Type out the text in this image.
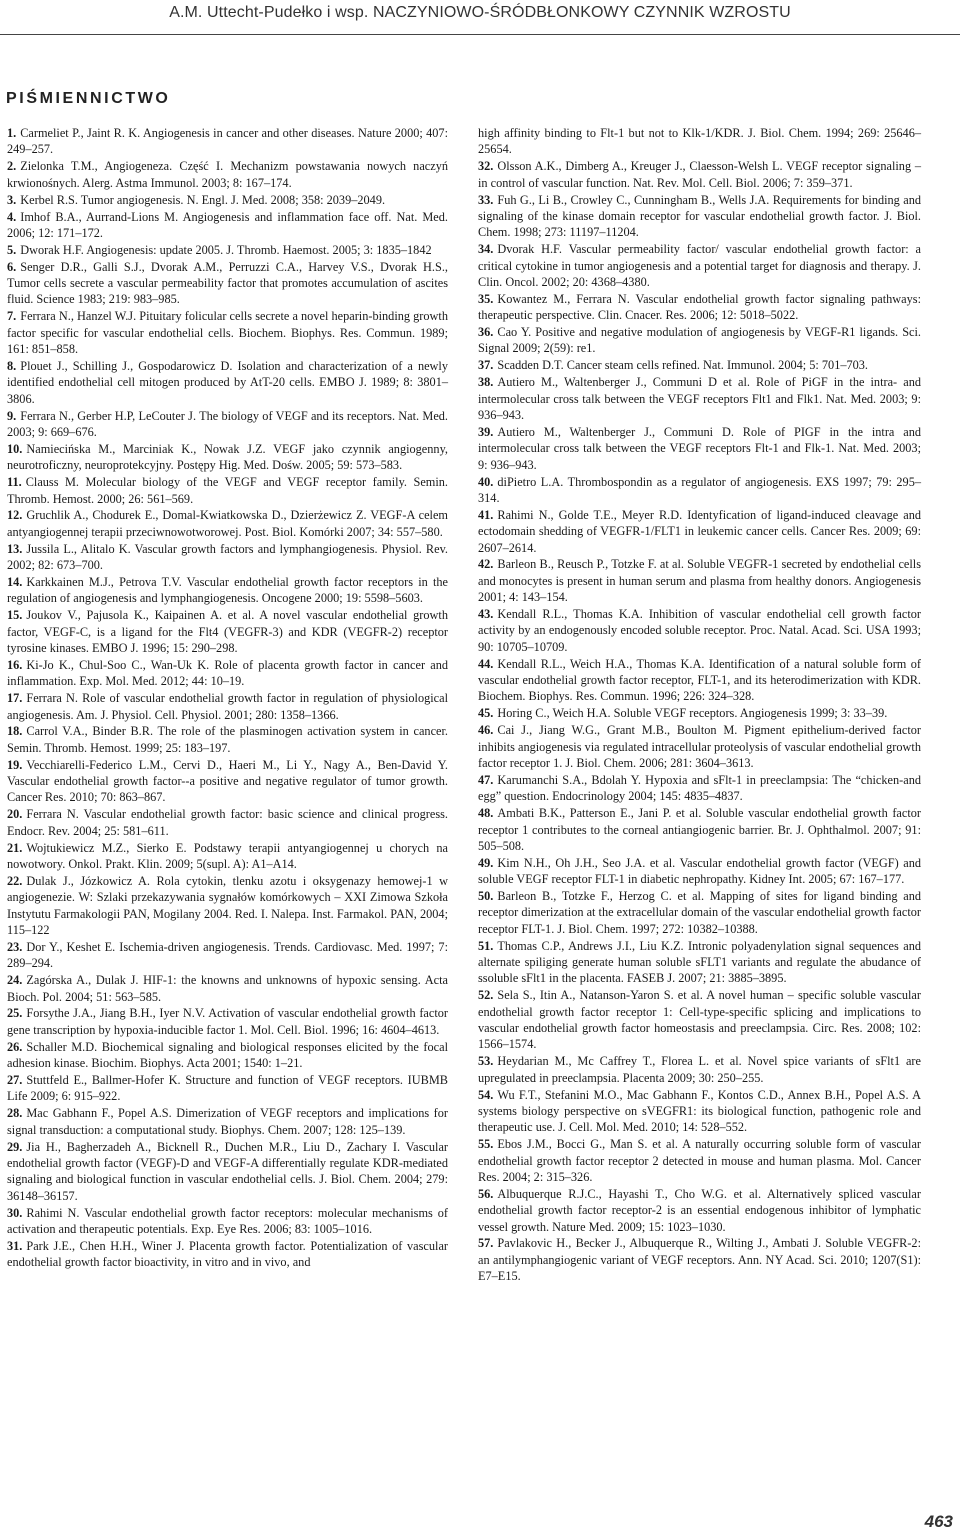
A.M. Uttecht-Pudełko i wsp. NACZYNIOWO-ŚRÓDBŁONKOWY CZYNNIK WZROSTU
PIŚMIENNICTWO
1. Carmeliet P., Jaint R. K. Angiogenesis in cancer and other diseases. Nature 2000; 407: 249–257.
2. Zielonka T.M., Angiogeneza. Część I. Mechanizm powstawania nowych naczyń krwionośnych. Alerg. Astma Immunol. 2003; 8: 167–174.
3. Kerbel R.S. Tumor angiogenesis. N. Engl. J. Med. 2008; 358: 2039–2049.
4. Imhof B.A., Aurrand-Lions M. Angiogenesis and inflammation face off. Nat. Med. 2006; 12: 171–172.
5. Dworak H.F. Angiogenesis: update 2005. J. Thromb. Haemost. 2005; 3: 1835–1842
6. Senger D.R., Galli S.J., Dvorak A.M., Perruzzi C.A., Harvey V.S., Dvorak H.S., Tumor cells secrete a vascular permeability factor that promotes accumulation of ascites fluid. Science 1983; 219: 983–985.
7. Ferrara N., Hanzel W.J. Pituitary folicular cells secrete a novel heparin-binding growth factor specific for vascular endothelial cells. Biochem. Biophys. Res. Commun. 1989; 161: 851–858.
8. Plouet J., Schilling J., Gospodarowicz D. Isolation and characterization of a newly identified endothelial cell mitogen produced by AtT-20 cells. EMBO J. 1989; 8: 3801–3806.
9. Ferrara N., Gerber H.P, LeCouter J. The biology of VEGF and its receptors. Nat. Med. 2003; 9: 669–676.
10. Namiecińska M., Marciniak K., Nowak J.Z. VEGF jako czynnik angiogenny, neurotroficzny, neuroprotekcyjny. Postępy Hig. Med. Dośw. 2005; 59: 573–583.
11. Clauss M. Molecular biology of the VEGF and VEGF receptor family. Semin. Thromb. Hemost. 2000; 26: 561–569.
12. Gruchlik A., Chodurek E., Domal-Kwiatkowska D., Dzierżewicz Z. VEGF-A celem antyangiogennej terapii przeciwnowotworowej. Post. Biol. Komórki 2007; 34: 557–580.
13. Jussila L., Alitalo K. Vascular growth factors and lymphangiogenesis. Physiol. Rev. 2002; 82: 673–700.
14. Karkkainen M.J., Petrova T.V. Vascular endothelial growth factor receptors in the regulation of angiogenesis and lymphangiogenesis. Oncogene 2000; 19: 5598–5603.
15. Joukov V., Pajusola K., Kaipainen A. et al. A novel vascular endothelial growth factor, VEGF-C, is a ligand for the Flt4 (VEGFR-3) and KDR (VEGFR-2) receptor tyrosine kinases. EMBO J. 1996; 15: 290–298.
16. Ki-Jo K., Chul-Soo C., Wan-Uk K. Role of placenta growth factor in cancer and inflammation. Exp. Mol. Med. 2012; 44: 10–19.
17. Ferrara N. Role of vascular endothelial growth factor in regulation of physiological angiogenesis. Am. J. Physiol. Cell. Physiol. 2001; 280: 1358–1366.
18. Carrol V.A., Binder B.R. The role of the plasminogen activation system in cancer. Semin. Thromb. Hemost. 1999; 25: 183–197.
19. Vecchiarelli-Federico L.M., Cervi D., Haeri M., Li Y., Nagy A., Ben-David Y. Vascular endothelial growth factor--a positive and negative regulator of tumor growth. Cancer Res. 2010; 70: 863–867.
20. Ferrara N. Vascular endothelial growth factor: basic science and clinical progress. Endocr. Rev. 2004; 25: 581–611.
21. Wojtukiewicz M.Z., Sierko E. Podstawy terapii antyangiogennej u chorych na nowotwory. Onkol. Prakt. Klin. 2009; 5(supl. A): A1–A14.
22. Dulak J., Józkowicz A. Rola cytokin, tlenku azotu i oksygenazy hemowej-1 w angiogenezie. W: Szlaki przekazywania sygnałów komórkowych – XXI Zimowa Szkoła Instytutu Farmakologii PAN, Mogilany 2004. Red. I. Nalepa. Inst. Farmakol. PAN, 2004; 115–122
23. Dor Y., Keshet E. Ischemia-driven angiogenesis. Trends. Cardiovasc. Med. 1997; 7: 289–294.
24. Zagórska A., Dulak J. HIF-1: the knowns and unknowns of hypoxic sensing. Acta Bioch. Pol. 2004; 51: 563–585.
25. Forsythe J.A., Jiang B.H., Iyer N.V. Activation of vascular endothelial growth factor gene transcription by hypoxia-inducible factor 1. Mol. Cell. Biol. 1996; 16: 4604–4613.
26. Schaller M.D. Biochemical signaling and biological responses elicited by the focal adhesion kinase. Biochim. Biophys. Acta 2001; 1540: 1–21.
27. Stuttfeld E., Ballmer-Hofer K. Structure and function of VEGF receptors. IUBMB Life 2009; 6: 915–922.
28. Mac Gabhann F., Popel A.S. Dimerization of VEGF receptors and implications for signal transduction: a computational study. Biophys. Chem. 2007; 128: 125–139.
29. Jia H., Bagherzadeh A., Bicknell R., Duchen M.R., Liu D., Zachary I. Vascular endothelial growth factor (VEGF)-D and VEGF-A differentially regulate KDR-mediated signaling and biological function in vascular endothelial cells. J. Biol. Chem. 2004; 279: 36148–36157.
30. Rahimi N. Vascular endothelial growth factor receptors: molecular mechanisms of activation and therapeutic potentials. Exp. Eye Res. 2006; 83: 1005–1016.
31. Park J.E., Chen H.H., Winer J. Placenta growth factor. Potentialization of vascular endothelial growth factor bioactivity, in vitro and in vivo, and
high affinity binding to Flt-1 but not to Klk-1/KDR. J. Biol. Chem. 1994; 269: 25646–25654.
32. Olsson A.K., Dimberg A., Kreuger J., Claesson-Welsh L. VEGF receptor signaling – in control of vascular function. Nat. Rev. Mol. Cell. Biol. 2006; 7: 359–371.
33. Fuh G., Li B., Crowley C., Cunningham B., Wells J.A. Requirements for binding and signaling of the kinase domain receptor for vascular endothelial growth factor. J. Biol. Chem. 1998; 273: 11197–11204.
34. Dvorak H.F. Vascular permeability factor/ vascular endothelial growth factor: a critical cytokine in tumor angiogenesis and a potential target for diagnosis and therapy. J. Clin. Oncol. 2002; 20: 4368–4380.
35. Kowantez M., Ferrara N. Vascular endothelial growth factor signaling pathways: therapeutic perspective. Clin. Cnacer. Res. 2006; 12: 5018–5022.
36. Cao Y. Positive and negative modulation of angiogenesis by VEGF-R1 ligands. Sci. Signal 2009; 2(59): re1.
37. Scadden D.T. Cancer steam cells refined. Nat. Immunol. 2004; 5: 701–703.
38. Autiero M., Waltenberger J., Communi D et al. Role of PiGF in the intra- and intermolecular cross talk between the VEGF receptors Flt1 and Flk1. Nat. Med. 2003; 9: 936–943.
39. Autiero M., Waltenberger J., Communi D. Role of PIGF in the intra and intermolecular cross talk between the VEGF receptors Flt-1 and Flk-1. Nat. Med. 2003; 9: 936–943.
40. diPietro L.A. Thrombospondin as a regulator of angiogenesis. EXS 1997; 79: 295–314.
41. Rahimi N., Golde T.E., Meyer R.D. Identyfication of ligand-induced cleavage and ectodomain shedding of VEGFR-1/FLT1 in leukemic cancer cells. Cancer Res. 2009; 69: 2607–2614.
42. Barleon B., Reusch P., Totzke F. at al. Soluble VEGFR-1 secreted by endothelial cells and monocytes is present in human serum and plasma from healthy donors. Angiogenesis 2001; 4: 143–154.
43. Kendall R.L., Thomas K.A. Inhibition of vascular endothelial cell growth factor activity by an endogenously encoded soluble receptor. Proc. Natal. Acad. Sci. USA 1993; 90: 10705–10709.
44. Kendall R.L., Weich H.A., Thomas K.A. Identification of a natural soluble form of vascular endothelial growth factor receptor, FLT-1, and its heterodimerization with KDR. Biochem. Biophys. Res. Commun. 1996; 226: 324–328.
45. Horing C., Weich H.A. Soluble VEGF receptors. Angiogenesis 1999; 3: 33–39.
46. Cai J., Jiang W.G., Grant M.B., Boulton M. Pigment epithelium-derived factor inhibits angiogenesis via regulated intracellular proteolysis of vascular endothelial growth factor receptor 1. J. Biol. Chem. 2006; 281: 3604–3613.
47. Karumanchi S.A., Bdolah Y. Hypoxia and sFlt-1 in preeclampsia: The “chicken-and egg” question. Endocrinology 2004; 145: 4835–4837.
48. Ambati B.K., Patterson E., Jani P. et al. Soluble vascular endothelial growth factor receptor 1 contributes to the corneal antiangiogenic barrier. Br. J. Ophthalmol. 2007; 91: 505–508.
49. Kim N.H., Oh J.H., Seo J.A. et al. Vascular endothelial growth factor (VEGF) and soluble VEGF receptor FLT-1 in diabetic nephropathy. Kidney Int. 2005; 67: 167–177.
50. Barleon B., Totzke F., Herzog C. et al. Mapping of sites for ligand binding and receptor dimerization at the extracellular domain of the vascular endothelial growth factor receptor FLT-1. J. Biol. Chem. 1997; 272: 10382–10388.
51. Thomas C.P., Andrews J.I., Liu K.Z. Intronic polyadenylation signal sequences and alternate spiliging generate human soluble sFLT1 variants and regulate the abudance of ssoluble sFlt1 in the placenta. FASEB J. 2007; 21: 3885–3895.
52. Sela S., Itin A., Natanson-Yaron S. et al. A novel human – specific soluble vascular endothelial growth factor receptor 1: Cell-type-specific splicing and implications to vascular endothelial growth factor homeostasis and preeclampsia. Circ. Res. 2008; 102: 1566–1574.
53. Heydarian M., Mc Caffrey T., Florea L. et al. Novel spice variants of sFlt1 are upregulated in preeclampsia. Placenta 2009; 30: 250–255.
54. Wu F.T., Stefanini M.O., Mac Gabhann F., Kontos C.D., Annex B.H., Popel A.S. A systems biology perspective on sVEGFR1: its biological function, pathogenic role and therapeutic use. J. Cell. Mol. Med. 2010; 14: 528–552.
55. Ebos J.M., Bocci G., Man S. et al. A naturally occurring soluble form of vascular endothelial growth factor receptor 2 detected in mouse and human plasma. Mol. Cancer Res. 2004; 2: 315–326.
56. Albuquerque R.J.C., Hayashi T., Cho W.G. et al. Alternatively spliced vascular endothelial growth factor receptor-2 is an essential endogenous inhibitor of lymphatic vessel growth. Nature Med. 2009; 15: 1023–1030.
57. Pavlakovic H., Becker J., Albuquerque R., Wilting J., Ambati J. Soluble VEGFR-2: an antilymphangiogenic variant of VEGF receptors. Ann. NY Acad. Sci. 2010; 1207(S1): E7–E15.
463
